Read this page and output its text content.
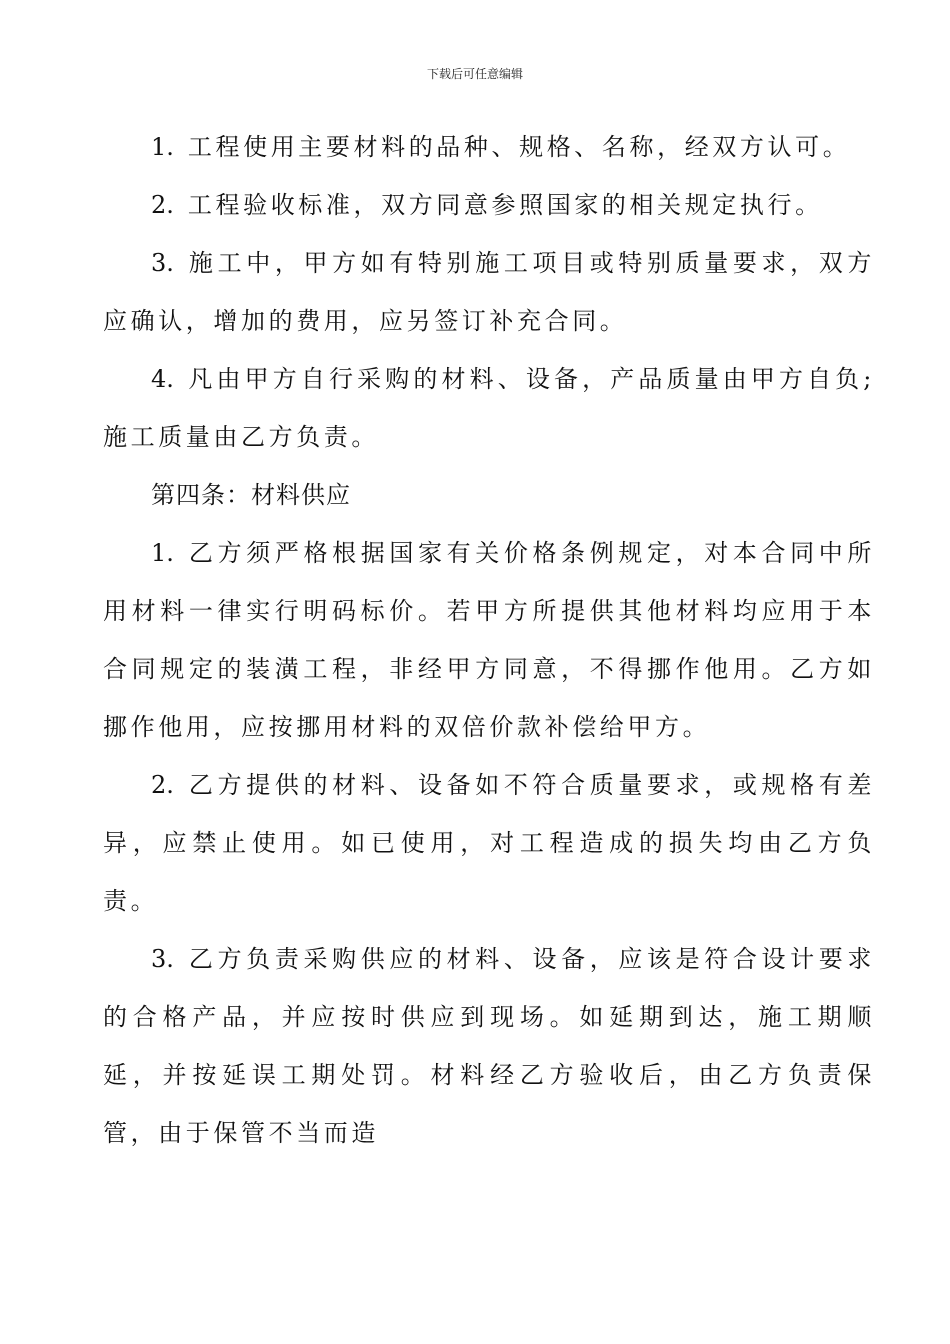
下载后可任意编辑

1. 工程使用主要材料的品种、规格、名称，经双方认可。

2. 工程验收标准，双方同意参照国家的相关规定执行。

3. 施工中，甲方如有特别施工项目或特别质量要求，双方应确认，增加的费用，应另签订补充合同。

4. 凡由甲方自行采购的材料、设备，产品质量由甲方自负;施工质量由乙方负责。

第四条：材料供应

1. 乙方须严格根据国家有关价格条例规定，对本合同中所用材料一律实行明码标价。若甲方所提供其他材料均应用于本合同规定的装潢工程，非经甲方同意，不得挪作他用。乙方如挪作他用，应按挪用材料的双倍价款补偿给甲方。

2. 乙方提供的材料、设备如不符合质量要求，或规格有差异，应禁止使用。如已使用，对工程造成的损失均由乙方负责。

3. 乙方负责采购供应的材料、设备，应该是符合设计要求的合格产品，并应按时供应到现场。如延期到达，施工期顺延，并按延误工期处罚。材料经乙方验收后，由乙方负责保管，由于保管不当而造
